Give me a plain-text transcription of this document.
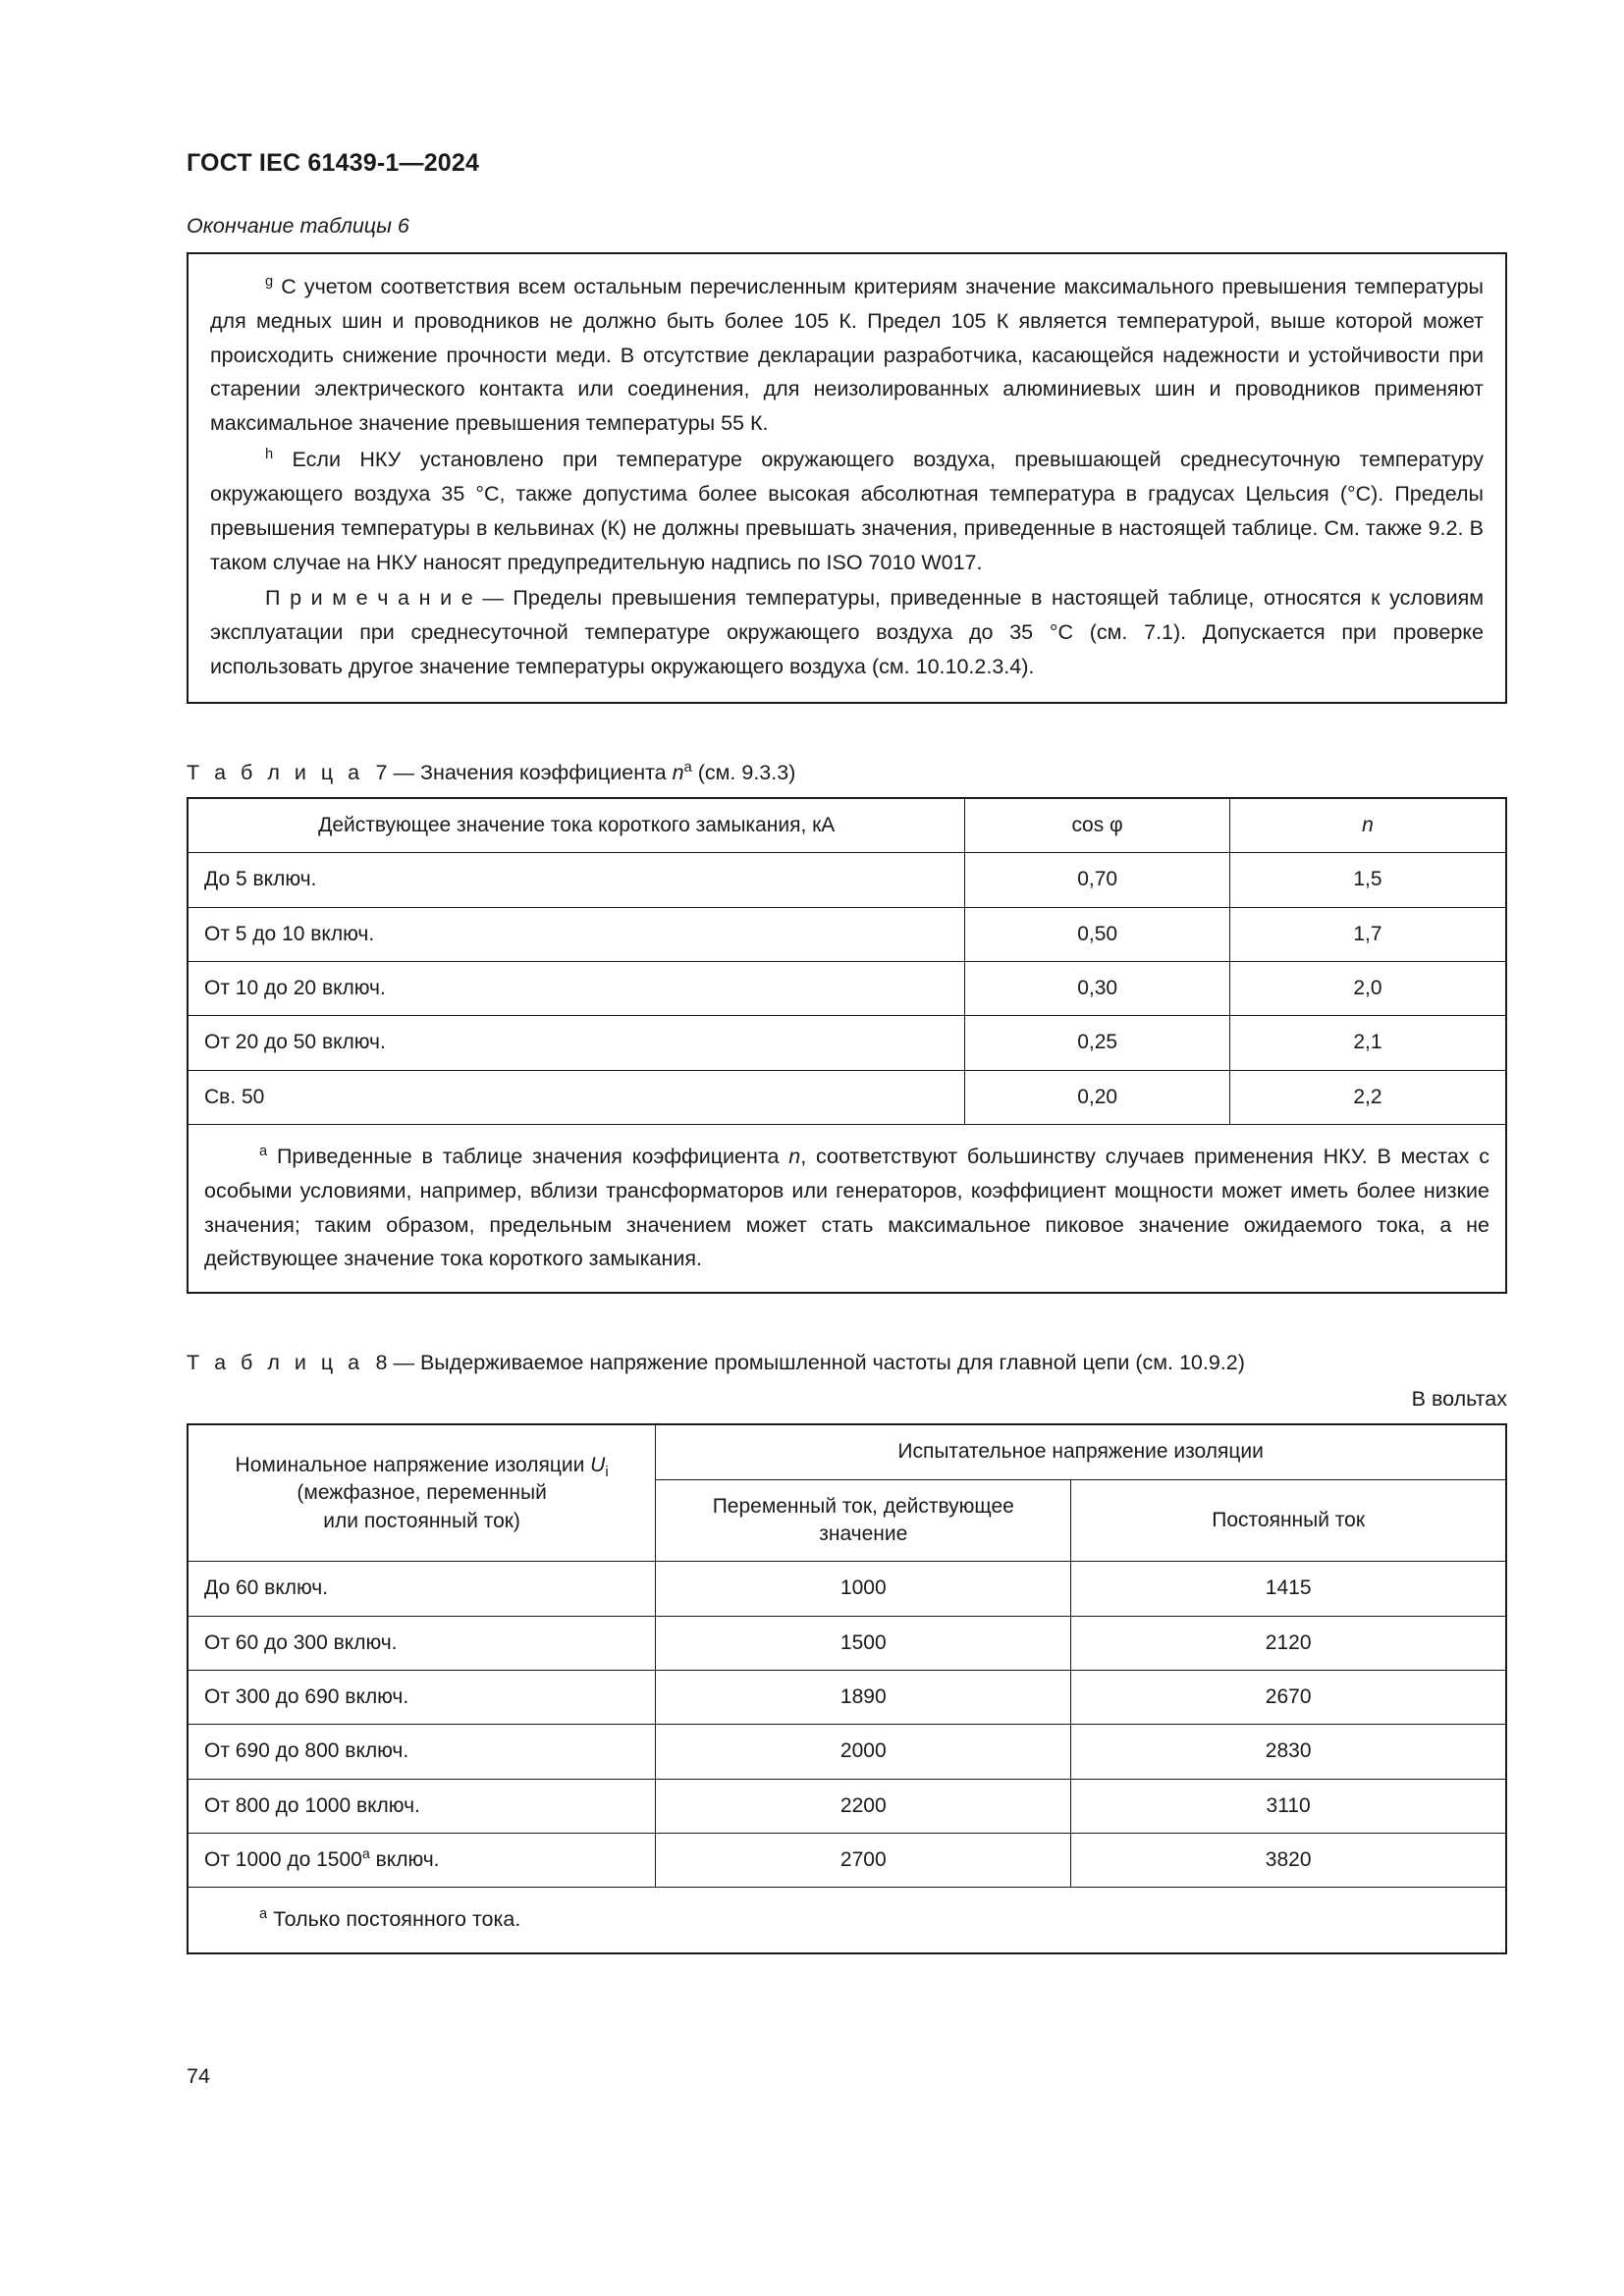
ГОСТ IEC 61439-1—2024
Окончание таблицы 6

$^g$ С учетом соответствия всем остальным перечисленным критериям значение максимального превышения температуры для медных шин и проводников не должно быть более 105 К. Предел 105 К является температурой, выше которой может происходить снижение прочности меди. В отсутствие декларации разработчика, касающейся надежности и устойчивости при старении электрического контакта или соединения, для неизолированных алюминиевых шин и проводников применяют максимальное значение превышения температуры 55 К.

$^h$ Если НКУ установлено при температуре окружающего воздуха, превышающей среднесуточную температуру окружающего воздуха 35 °C, также допустима более высокая абсолютная температура в градусах Цельсия (°C). Пределы превышения температуры в кельвинах (К) не должны превышать значения, приведенные в настоящей таблице. См. также 9.2. В таком случае на НКУ наносят предупредительную надпись по ISO 7010 W017.

П р и м е ч а н и е — Пределы превышения температуры, приведенные в настоящей таблице, относятся к условиям эксплуатации при среднесуточной температуре окружающего воздуха до 35 °C (см. 7.1). Допускается при проверке использовать другое значение температуры окружающего воздуха (см. 10.10.2.3.4).

Т а б л и ц а 7 — Значения коэффициента n$^a$ (см. 9.3.3)

Действующее значение тока короткого замыкания, кА	cos φ	n

До 5 включ.	0,70	1,5

От 5 до 10 включ.	0,50	1,7

От 10 до 20 включ.	0,30	2,0

От 20 до 50 включ.	0,25	2,1

Св. 50	0,20	2,2

$^a$ Приведенные в таблице значения коэффициента n, соответствуют большинству случаев применения НКУ. В местах с особыми условиями, например, вблизи трансформаторов или генераторов, коэффициент мощности может иметь более низкие значения; таким образом, предельным значением может стать максимальное пиковое значение ожидаемого тока, а не действующее значение тока короткого замыкания.		

Т а б л и ц а 8 — Выдерживаемое напряжение промышленной частоты для главной цепи (см. 10.9.2)

В вольтах

Номинальное напряжение изоляции $U_i$
(межфазное, переменный
или постоянный ток)	Испытательное напряжение изоляции	

	Переменный ток, действующее значение	Постоянный ток

До 60 включ.	1000	1415

От 60 до 300 включ.	1500	2120

От 300 до 690 включ.	1890	2670

От 690 до 800 включ.	2000	2830

От 800 до 1000 включ.	2200	3110

От 1000 до 1500$^a$ включ.	2700	3820

$^a$ Только постоянного тока.		

74
